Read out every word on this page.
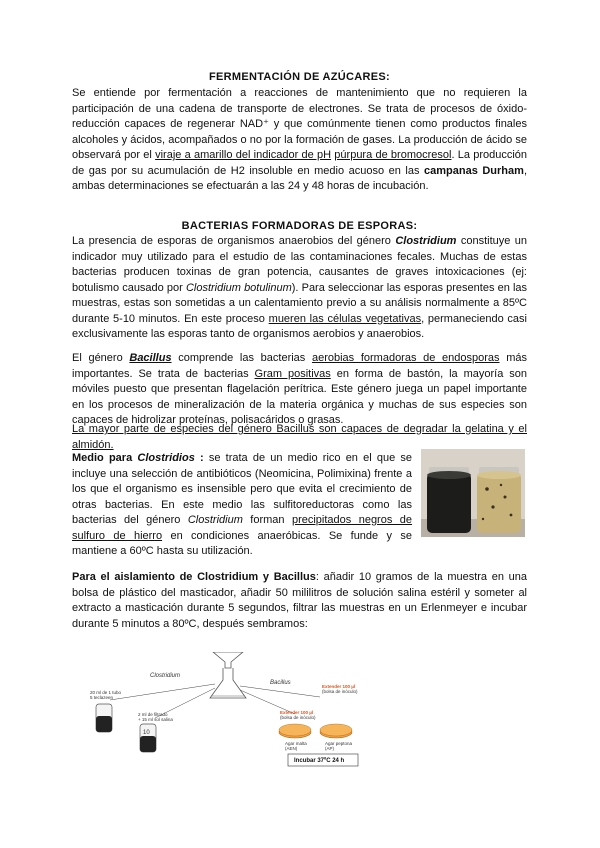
FERMENTACIÓN DE AZÚCARES:
Se entiende por fermentación a reacciones de mantenimiento que no requieren la participación de una cadena de transporte de electrones. Se trata de procesos de óxido-reducción capaces de regenerar NAD⁺ y que comúnmente tienen como productos finales alcoholes y ácidos, acompañados o no por la formación de gases. La producción de ácido se observará por el viraje a amarillo del indicador de pH púrpura de bromocresol. La producción de gas por su acumulación de H2 insoluble en medio acuoso en las campanas Durham, ambas determinaciones se efectuarán a las 24 y 48 horas de incubación.
BACTERIAS FORMADORAS DE ESPORAS:
La presencia de esporas de organismos anaerobios del género Clostridium constituye un indicador muy utilizado para el estudio de las contaminaciones fecales. Muchas de estas bacterias producen toxinas de gran potencia, causantes de graves intoxicaciones (ej: botulismo causado por Clostridium botulinum). Para seleccionar las esporas presentes en las muestras, estas son sometidas a un calentamiento previo a su análisis normalmente a 85ºC durante 5-10 minutos. En este proceso mueren las células vegetativas, permaneciendo casi exclusivamente las esporas tanto de organismos aerobios y anaerobios.
El género Bacillus comprende las bacterias aerobias formadoras de endosporas más importantes. Se trata de bacterias Gram positivas en forma de bastón, la mayoría son móviles puesto que presentan flagelación perítrica. Este género juega un papel importante en los procesos de mineralización de la materia orgánica y muchas de sus especies son capaces de hidrolizar proteínas, polisacáridos o grasas.
La mayor parte de especies del género Bacillus son capaces de degradar la gelatina y el almidón.
Medio para Clostridios : se trata de un medio rico en el que se incluye una selección de antibióticos (Neomicina, Polimixina) frente a los que el organismo es insensible pero que evita el crecimiento de otras bacterias. En este medio las sulfitoreductoras como las bacterias del género Clostridium forman precipitados negros de sulfuro de hierro en condiciones anaeróbicas. Se funde y se mantiene a 60ºC hasta su utilización.
Para el aislamiento de Clostridium y Bacillus: añadir 10 gramos de la muestra en una bolsa de plástico del masticador, añadir 50 mililitros de solución salina estéril y someter al extracto a masticación durante 5 segundos, filtrar las muestras en un Erlenmeyer e incubar durante 5 minutos a 80ºC, después sembramos:
Clostridium
Bacillus
20 ml de 1 tubo
5 teclazeen
2 ml de filtrado
+ 15 ml sol salina
Extender 100 µl
(bolsa de inóculo)
Extender 100 µl
(bolsa de inóculo)
10
Agar malta
(AEN)
Agar peptona
(AP)
Incubar 37ºC 24 h
